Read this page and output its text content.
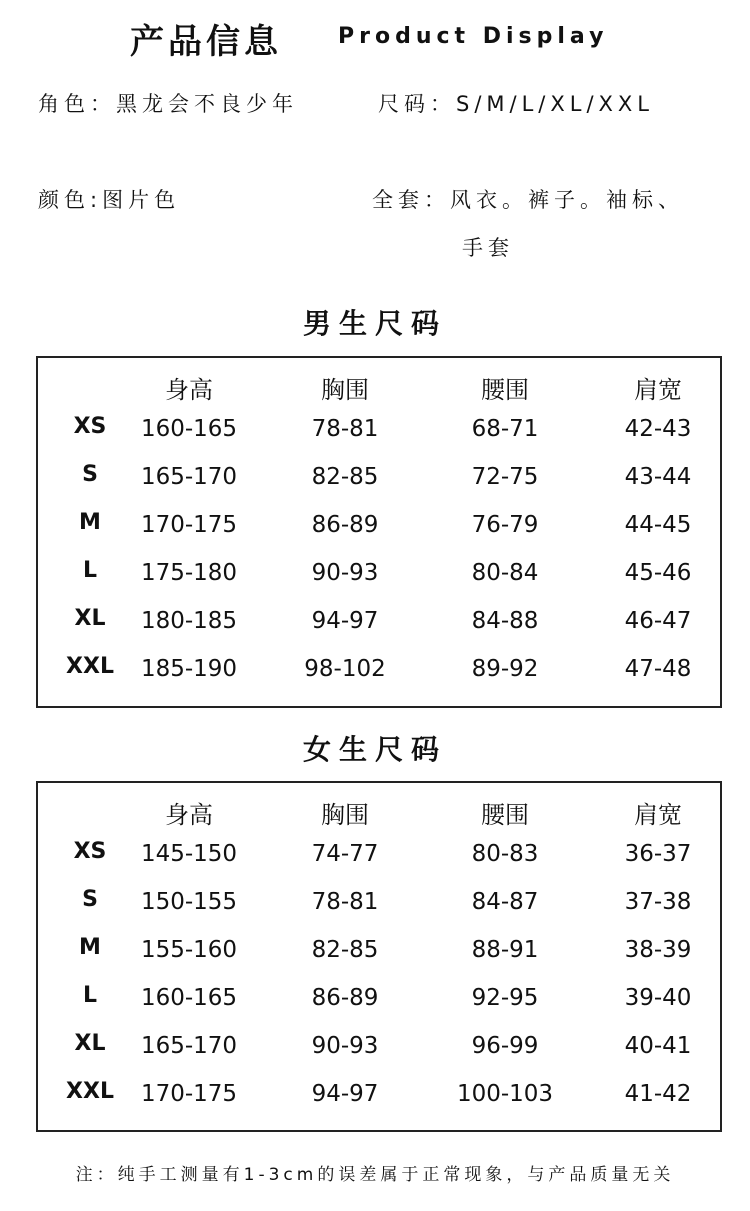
产品信息	Product Display
角色：黑龙会不良少年	尺码：S/M/L/XL/XXL
颜色:图片色	全套：风衣。裤子。袖标、
手套
男生尺码
身高	胸围	腰围	肩宽
XS 160-165	78-81	68-71	42-43
S 165-170	82-85	72-75	43-44
M 170-175	86-89	76-79	44-45
L 175-180	90-93	80-84	45-46
XL 180-185	94-97	84-88	46-47
XXL 185-190	98-102	89-92	47-48
女生尺码
身高	胸围	腰围	肩宽
XS 145-150	74-77	80-83	36-37
S 150-155	78-81	84-87	37-38
M 155-160	82-85	88-91	38-39
L 160-165	86-89	92-95	39-40
XL 165-170	90-93	96-99	40-41
XXL 170-175	94-97	100-103	41-42
注：纯手工测量有1-3cm的误差属于正常现象，与产品质量无关
